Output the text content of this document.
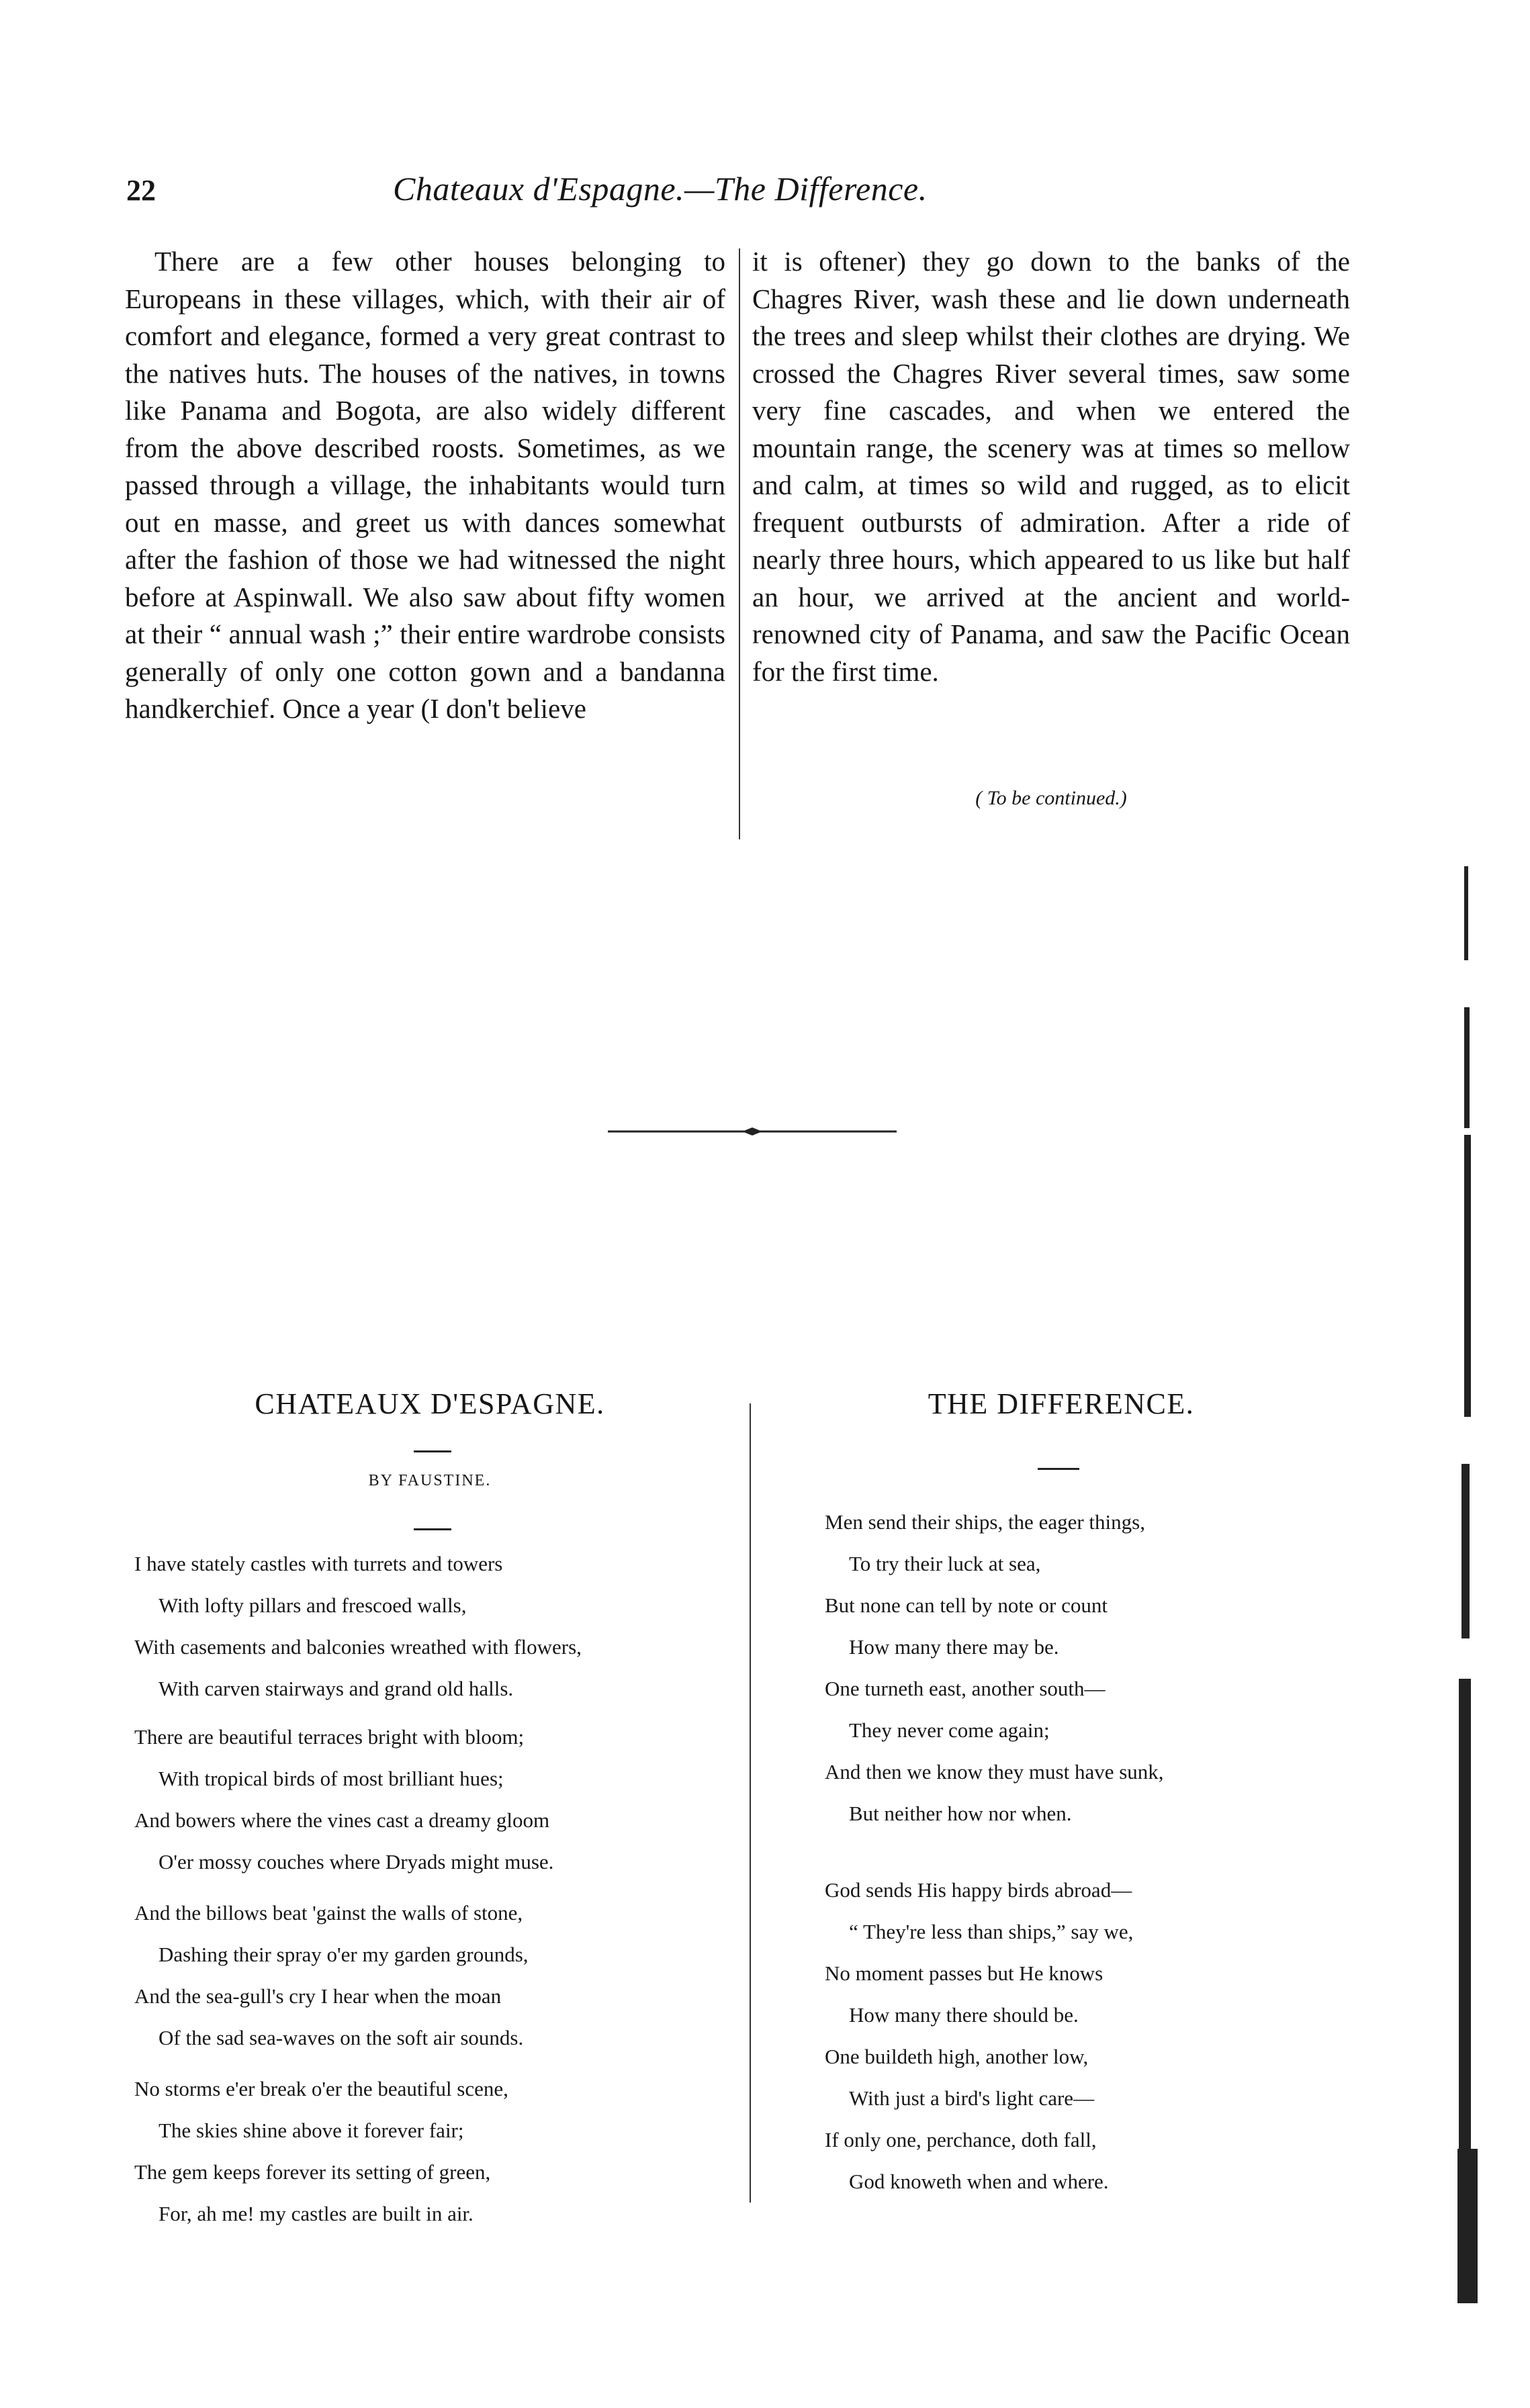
22	Chateaux d'Espagne.—The Difference.

There are a few other houses belonging to Europeans in these villages, which, with their air of comfort and elegance, formed a very great contrast to the natives huts. The houses of the natives, in towns like Panama and Bogota, are also widely different from the above described roosts. Sometimes, as we passed through a village, the inhabitants would turn out en masse, and greet us with dances somewhat after the fashion of those we had witnessed the night before at Aspinwall. We also saw about fifty women at their “ annual wash ;” their entire wardrobe consists generally of only one cotton gown and a bandanna handkerchief. Once a year (I don't believe

it is oftener) they go down to the banks of the Chagres River, wash these and lie down underneath the trees and sleep whilst their clothes are drying. We crossed the Chagres River several times, saw some very fine cascades, and when we entered the mountain range, the scenery was at times so mellow and calm, at times so wild and rugged, as to elicit frequent outbursts of admiration. After a ride of nearly three hours, which appeared to us like but half an hour, we arrived at the ancient and world-renowned city of Panama, and saw the Pacific Ocean for the first time.

( To be continued.)
CHATEAUX D'ESPAGNE.
BY FAUSTINE.
I have stately castles with turrets and towers
With lofty pillars and frescoed walls,
With casements and balconies wreathed with flowers,
With carven stairways and grand old halls.
There are beautiful terraces bright with bloom;
With tropical birds of most brilliant hues;
And bowers where the vines cast a dreamy gloom
O'er mossy couches where Dryads might muse.
And the billows beat 'gainst the walls of stone,
Dashing their spray o'er my garden grounds,
And the sea-gull's cry I hear when the moan
Of the sad sea-waves on the soft air sounds.
No storms e'er break o'er the beautiful scene,
The skies shine above it forever fair;
The gem keeps forever its setting of green,
For, ah me! my castles are built in air.
THE DIFFERENCE.
Men send their ships, the eager things,
To try their luck at sea,
But none can tell by note or count
How many there may be.
One turneth east, another south—
They never come again;
And then we know they must have sunk,
But neither how nor when.
God sends His happy birds abroad—
“ They're less than ships,” say we,
No moment passes but He knows
How many there should be.
One buildeth high, another low,
With just a bird's light care—
If only one, perchance, doth fall,
God knoweth when and where.
